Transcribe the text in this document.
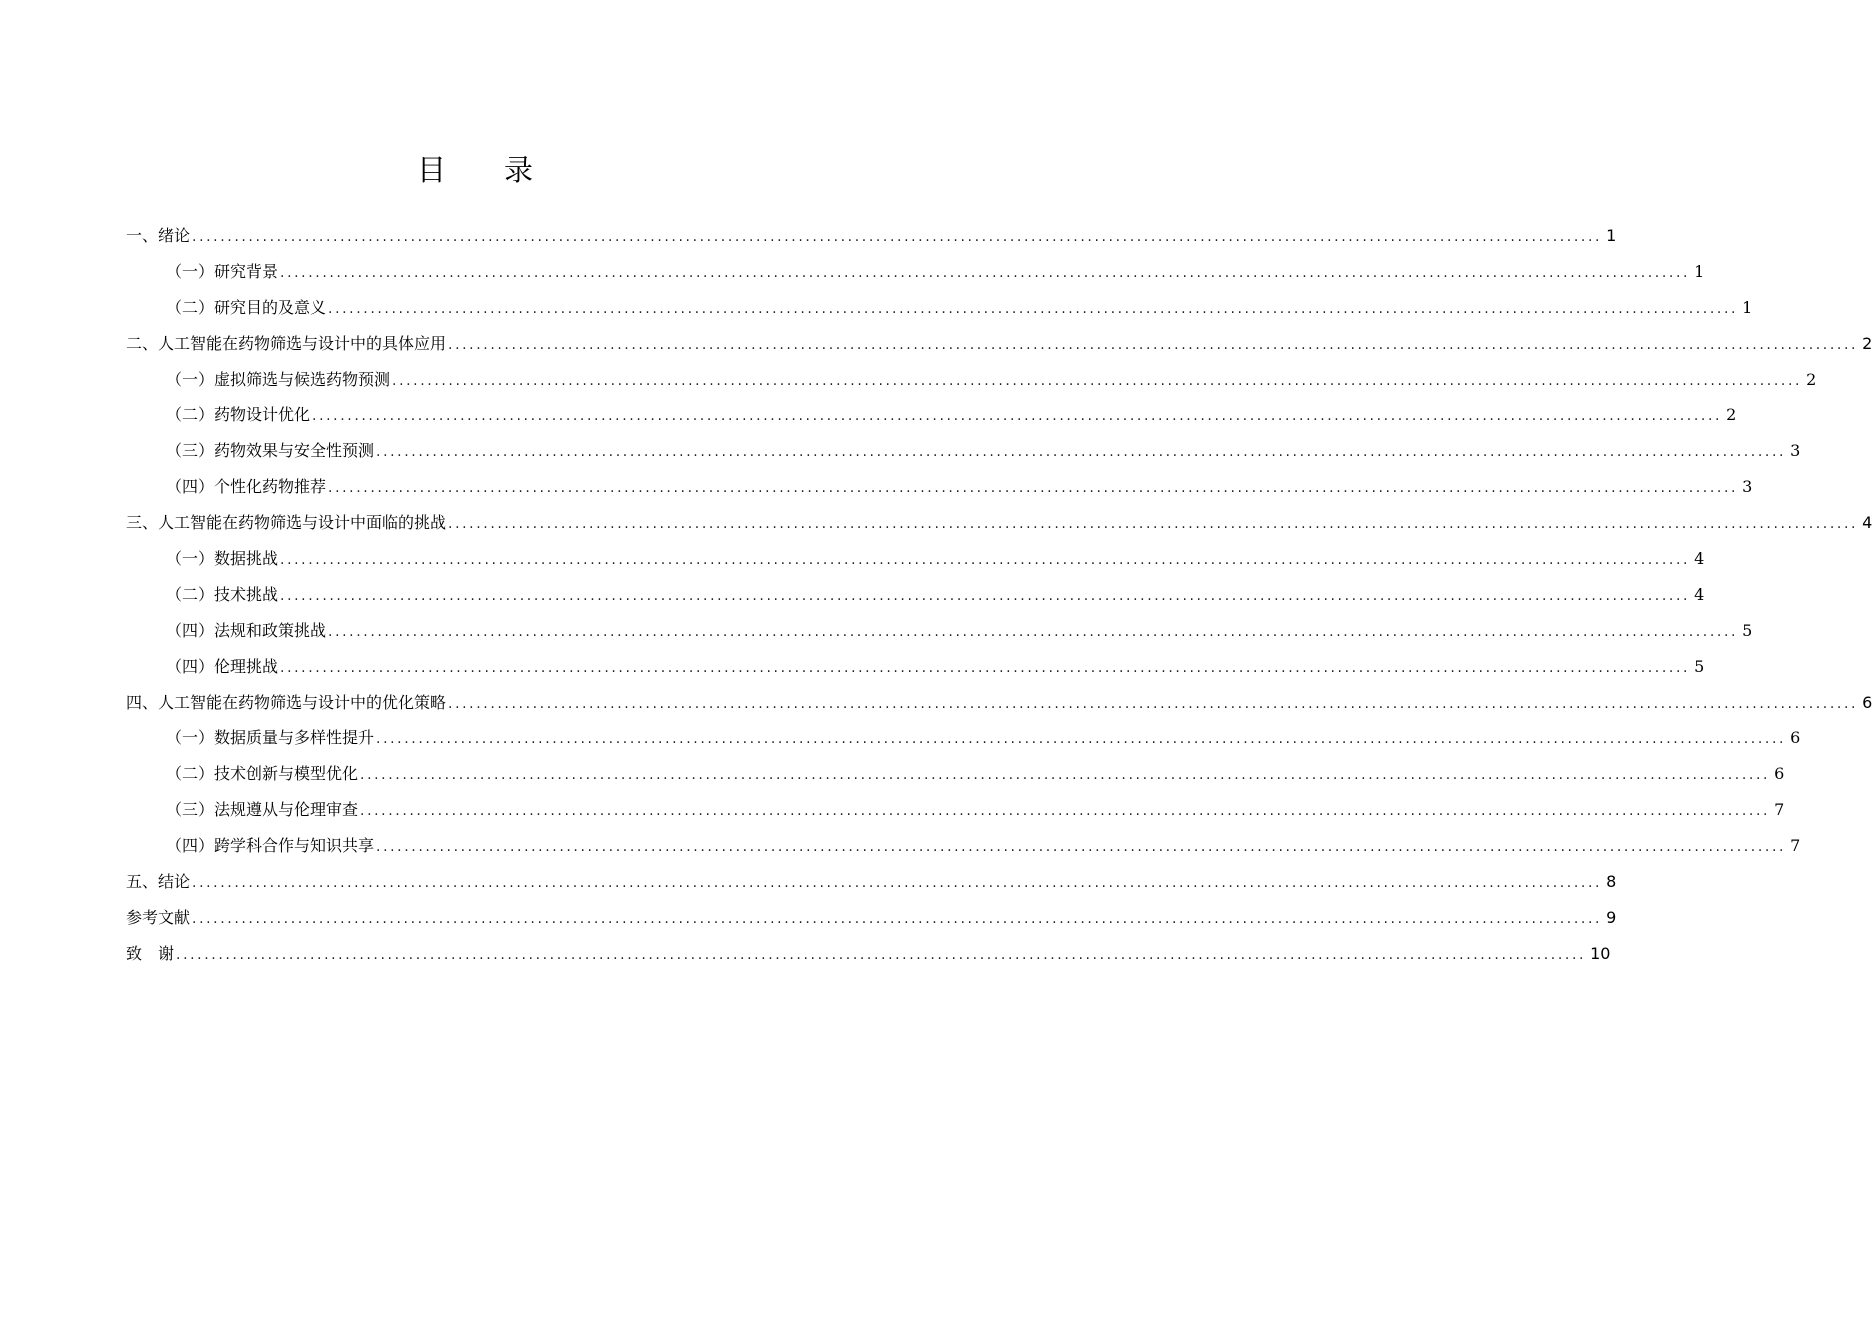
目　　录
一、绪论 ........................................................................................................................................................................................................ 1
（一）研究背景 ........................................................................................................................................................................................................ 1
（二）研究目的及意义 ........................................................................................................................................................................................................ 1
二、人工智能在药物筛选与设计中的具体应用 ........................................................................................................................................................................................................ 2
（一）虚拟筛选与候选药物预测 ........................................................................................................................................................................................................ 2
（二）药物设计优化 ........................................................................................................................................................................................................ 2
（三）药物效果与安全性预测 ........................................................................................................................................................................................................ 3
（四）个性化药物推荐 ........................................................................................................................................................................................................ 3
三、人工智能在药物筛选与设计中面临的挑战 ........................................................................................................................................................................................................ 4
（一）数据挑战 ........................................................................................................................................................................................................ 4
（二）技术挑战 ........................................................................................................................................................................................................ 4
（四）法规和政策挑战 ........................................................................................................................................................................................................ 5
（四）伦理挑战 ........................................................................................................................................................................................................ 5
四、人工智能在药物筛选与设计中的优化策略 ........................................................................................................................................................................................................ 6
（一）数据质量与多样性提升 ........................................................................................................................................................................................................ 6
（二）技术创新与模型优化 ........................................................................................................................................................................................................ 6
（三）法规遵从与伦理审查 ........................................................................................................................................................................................................ 7
（四）跨学科合作与知识共享 ........................................................................................................................................................................................................ 7
五、结论 ........................................................................................................................................................................................................ 8
参考文献 ........................................................................................................................................................................................................ 9
致　谢 ........................................................................................................................................................................................................ 10
